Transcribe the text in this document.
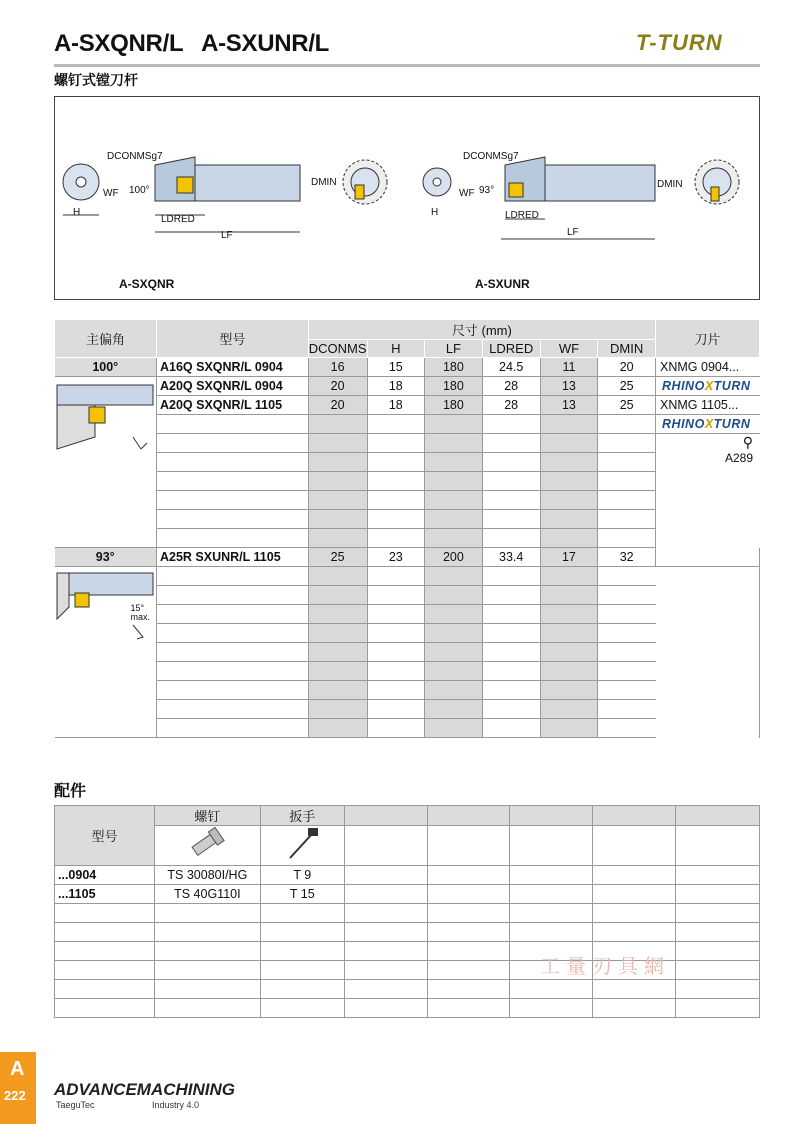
A-SXQNR/L   A-SXUNR/L	T-TURN
螺钉式镗刀杆
DCONMSg7
WF 100°
H
LDRED
LF
DMIN
DCONMSg7
WF 93°
H	LDRED
LF
DMIN
A-SXQNR	A-SXUNR
主偏角	型号	尺寸 (mm)						刀片	
		DCONMS	H	LF	LDRED	WF	DMIN		
100°	A16Q SXQNR/L 0904	16	15	180	24.5	11	20	XNMG 0904...	
	A20Q SXQNR/L 0904	20	18	180	28	13	25	RHINOXTURN	
	A20Q SXQNR/L 1105	20	18	180	28	13	25	XNMG 1105...	
								RHINOXTURN	

								⚲
A289	

93°	A25R SXUNR/L 1105	25	23	200	33.4	17	32		

15°
max.									

配件
型号	螺钉	扳手					

...0904	TS 30080I/HG	T 9					
...1105	TS 40G110I	T 15					

工量刃具網
A
222 ADVANCEMACHINING
TaeguTec	Industry 4.0
